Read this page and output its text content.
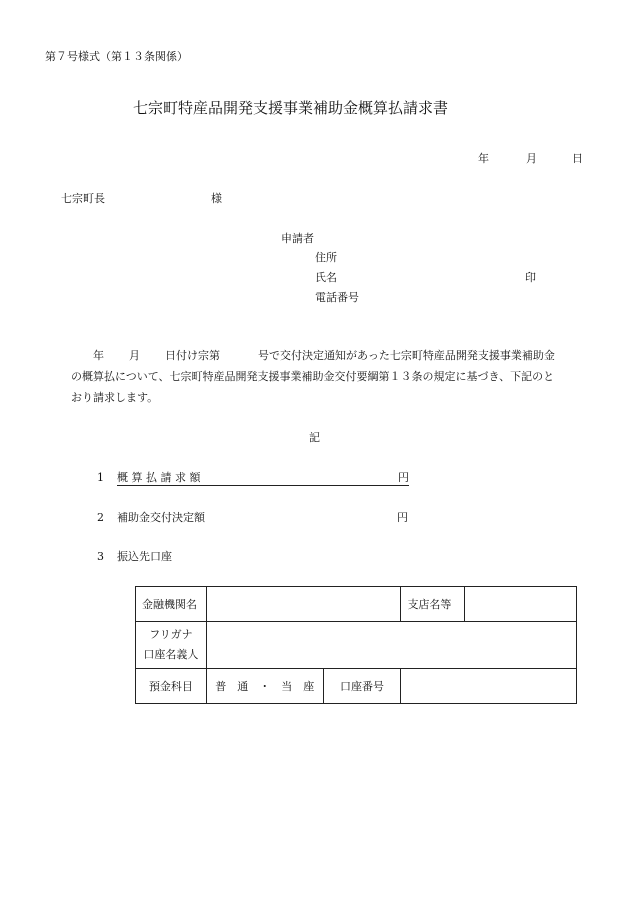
第７号様式（第１３条関係）
七宗町特産品開発支援事業補助金概算払請求書
年	月	日
七宗町長	様
申請者
住所
氏名	印
電話番号
年 月 日付け宗第	号で交付決定通知があった七宗町特産品開発支援事業補助金
の概算払について、七宗町特産品開発支援事業補助金交付要綱第１３条の規定に基づき、下記のと
おり請求します。
記
1 概 算 払 請 求 額	円
2 補助金交付決定額	円
3 振込先口座
金融機関名			支店名等	
フリガナ
口座名義人				
預金科目	普　通　・　当　座	口座番号		
